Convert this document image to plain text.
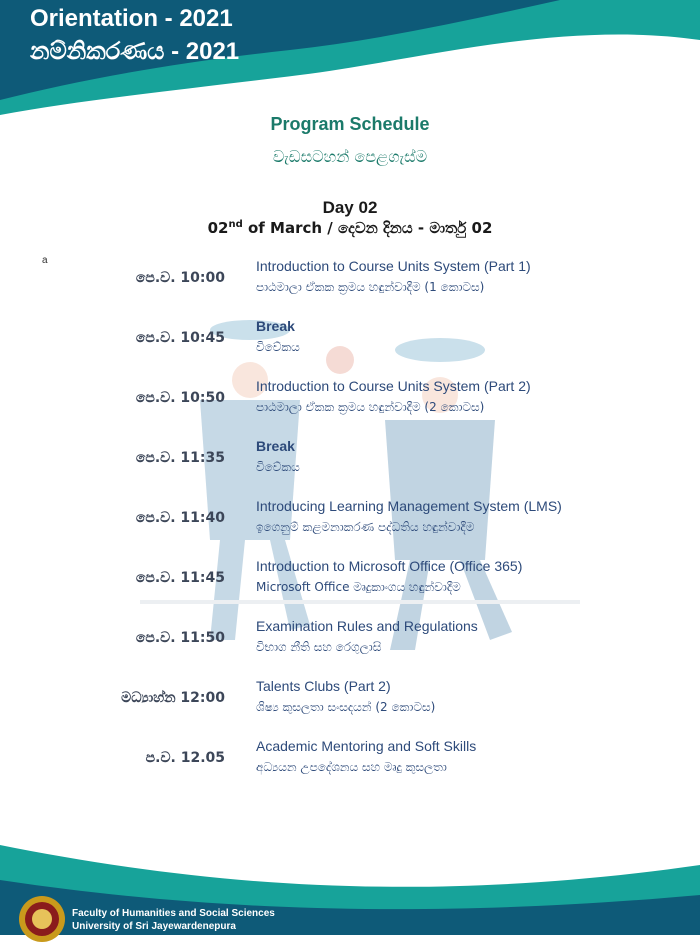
Orientation - 2021
නම්නිකරණය - 2021
Program Schedule
වැඩසටහන් පෙළගැස්ම
Day 02
02nd of March / දෙවන දිනය - මාර්තු 02
a
පෙ.ව. 10:00
Introduction to Course Units System (Part 1)
පාඨමාලා ඒකක ක්‍රමය හඳුන්වාදීම (1 කොටස)
පෙ.ව. 10:45
Break
විවේකය
පෙ.ව. 10:50
Introduction to Course Units System (Part 2)
පාඨමාලා ඒකක ක්‍රමය හඳුන්වාදීම (2 කොටස)
පෙ.ව. 11:35
Break
විවේකය
පෙ.ව. 11:40
Introducing Learning Management System (LMS)
ඉගෙනුම් කළමනාකරණ පද්ධතිය හඳුන්වාදීම
පෙ.ව. 11:45
Introduction to Microsoft Office (Office 365)
Microsoft Office මෘදුකාංගය හඳුන්වාදීම
පෙ.ව. 11:50
Examination Rules and Regulations
විභාග නීති සහ රෙගුලාසි
මධ්‍යාහ්න 12:00
Talents Clubs (Part 2)
ශිෂ්‍ය කුසලතා සංසදයන් (2 කොටස)
ප.ව. 12.05
Academic Mentoring and Soft Skills
අධ්‍යයන උපදේශනය සහ මෘදු කුසලතා
Faculty of Humanities and Social Sciences
University of Sri Jayewardenepura
